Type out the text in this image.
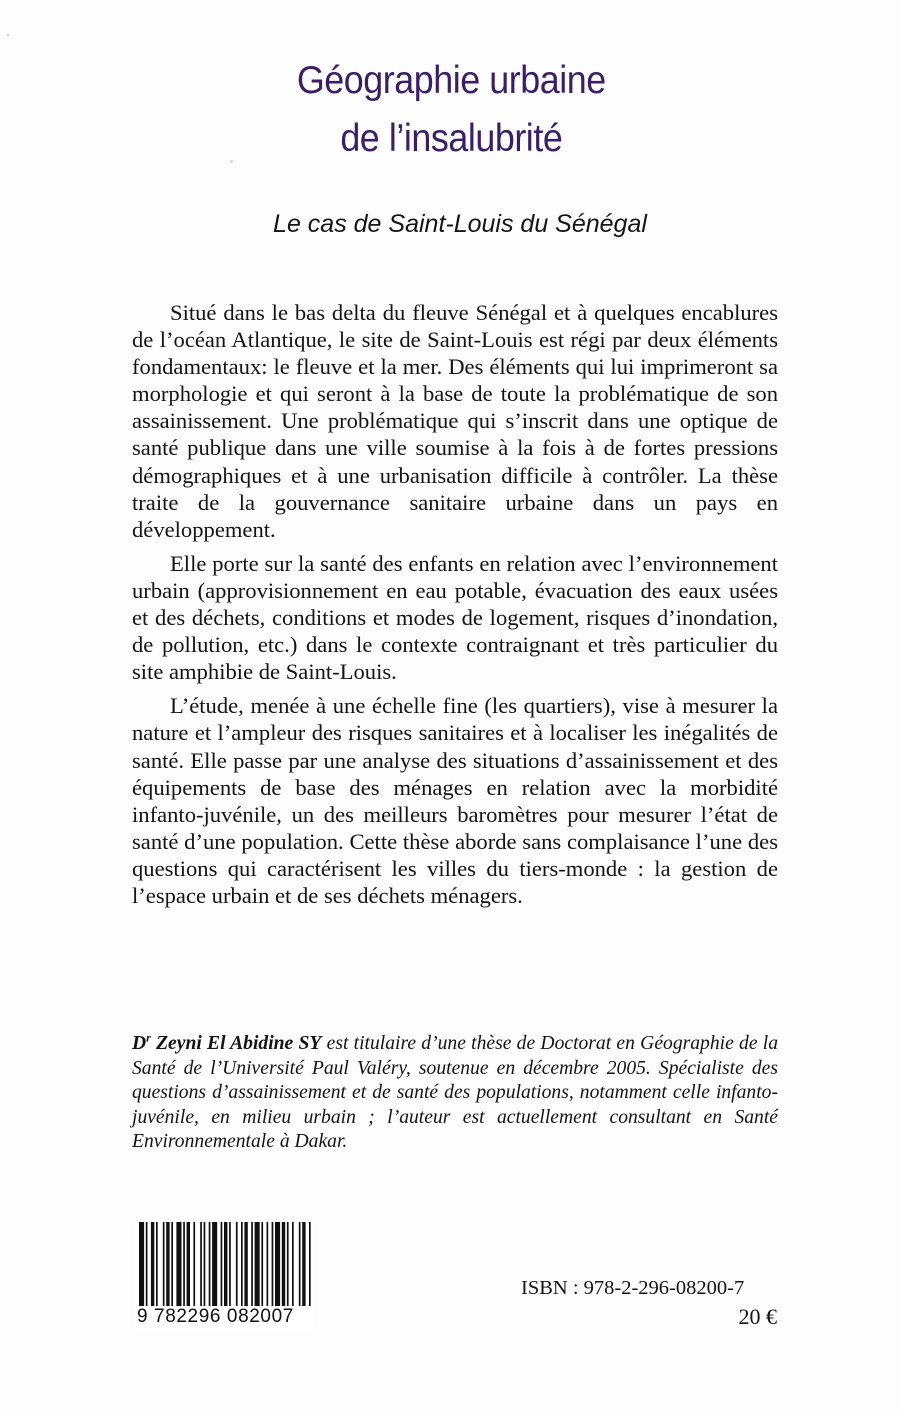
Géographie urbaine
de l’insalubrité
Le cas de Saint-Louis du Sénégal

Situé dans le bas delta du fleuve Sénégal et à quelques encablures de l’océan Atlantique, le site de Saint-Louis est régi par deux éléments fondamentaux: le fleuve et la mer. Des éléments qui lui imprimeront sa morphologie et qui seront à la base de toute la problématique de son assainissement. Une problématique qui s’inscrit dans une optique de santé publique dans une ville soumise à la fois à de fortes pressions démographiques et à une urbanisation difficile à contrôler. La thèse traite de la gouvernance sanitaire urbaine dans un pays en développement.

Elle porte sur la santé des enfants en relation avec l’environnement urbain (approvisionnement en eau potable, évacuation des eaux usées et des déchets, conditions et modes de logement, risques d’inondation, de pollution, etc.) dans le contexte contraignant et très particulier du site amphibie de Saint-Louis.

L’étude, menée à une échelle fine (les quartiers), vise à mesurer la nature et l’ampleur des risques sanitaires et à localiser les inégalités de santé. Elle passe par une analyse des situations d’assainissement et des équipements de base des ménages en relation avec la morbidité infanto-juvénile, un des meilleurs baromètres pour mesurer l’état de santé d’une population. Cette thèse aborde sans complaisance l’une des questions qui caractérisent les villes du tiers-monde : la gestion de l’espace urbain et de ses déchets ménagers.

$D^r$ Zeyni El Abidine SY est titulaire d’une thèse de Doctorat en Géographie de la Santé de l’Université Paul Valéry, soutenue en décembre 2005. Spécialiste des questions d’assainissement et de santé des populations, notamment celle infanto-juvénile, en milieu urbain ; l’auteur est actuellement consultant en Santé Environnementale à Dakar.
9 782296 082007
ISBN : 978-2-296-08200-7
20 €
